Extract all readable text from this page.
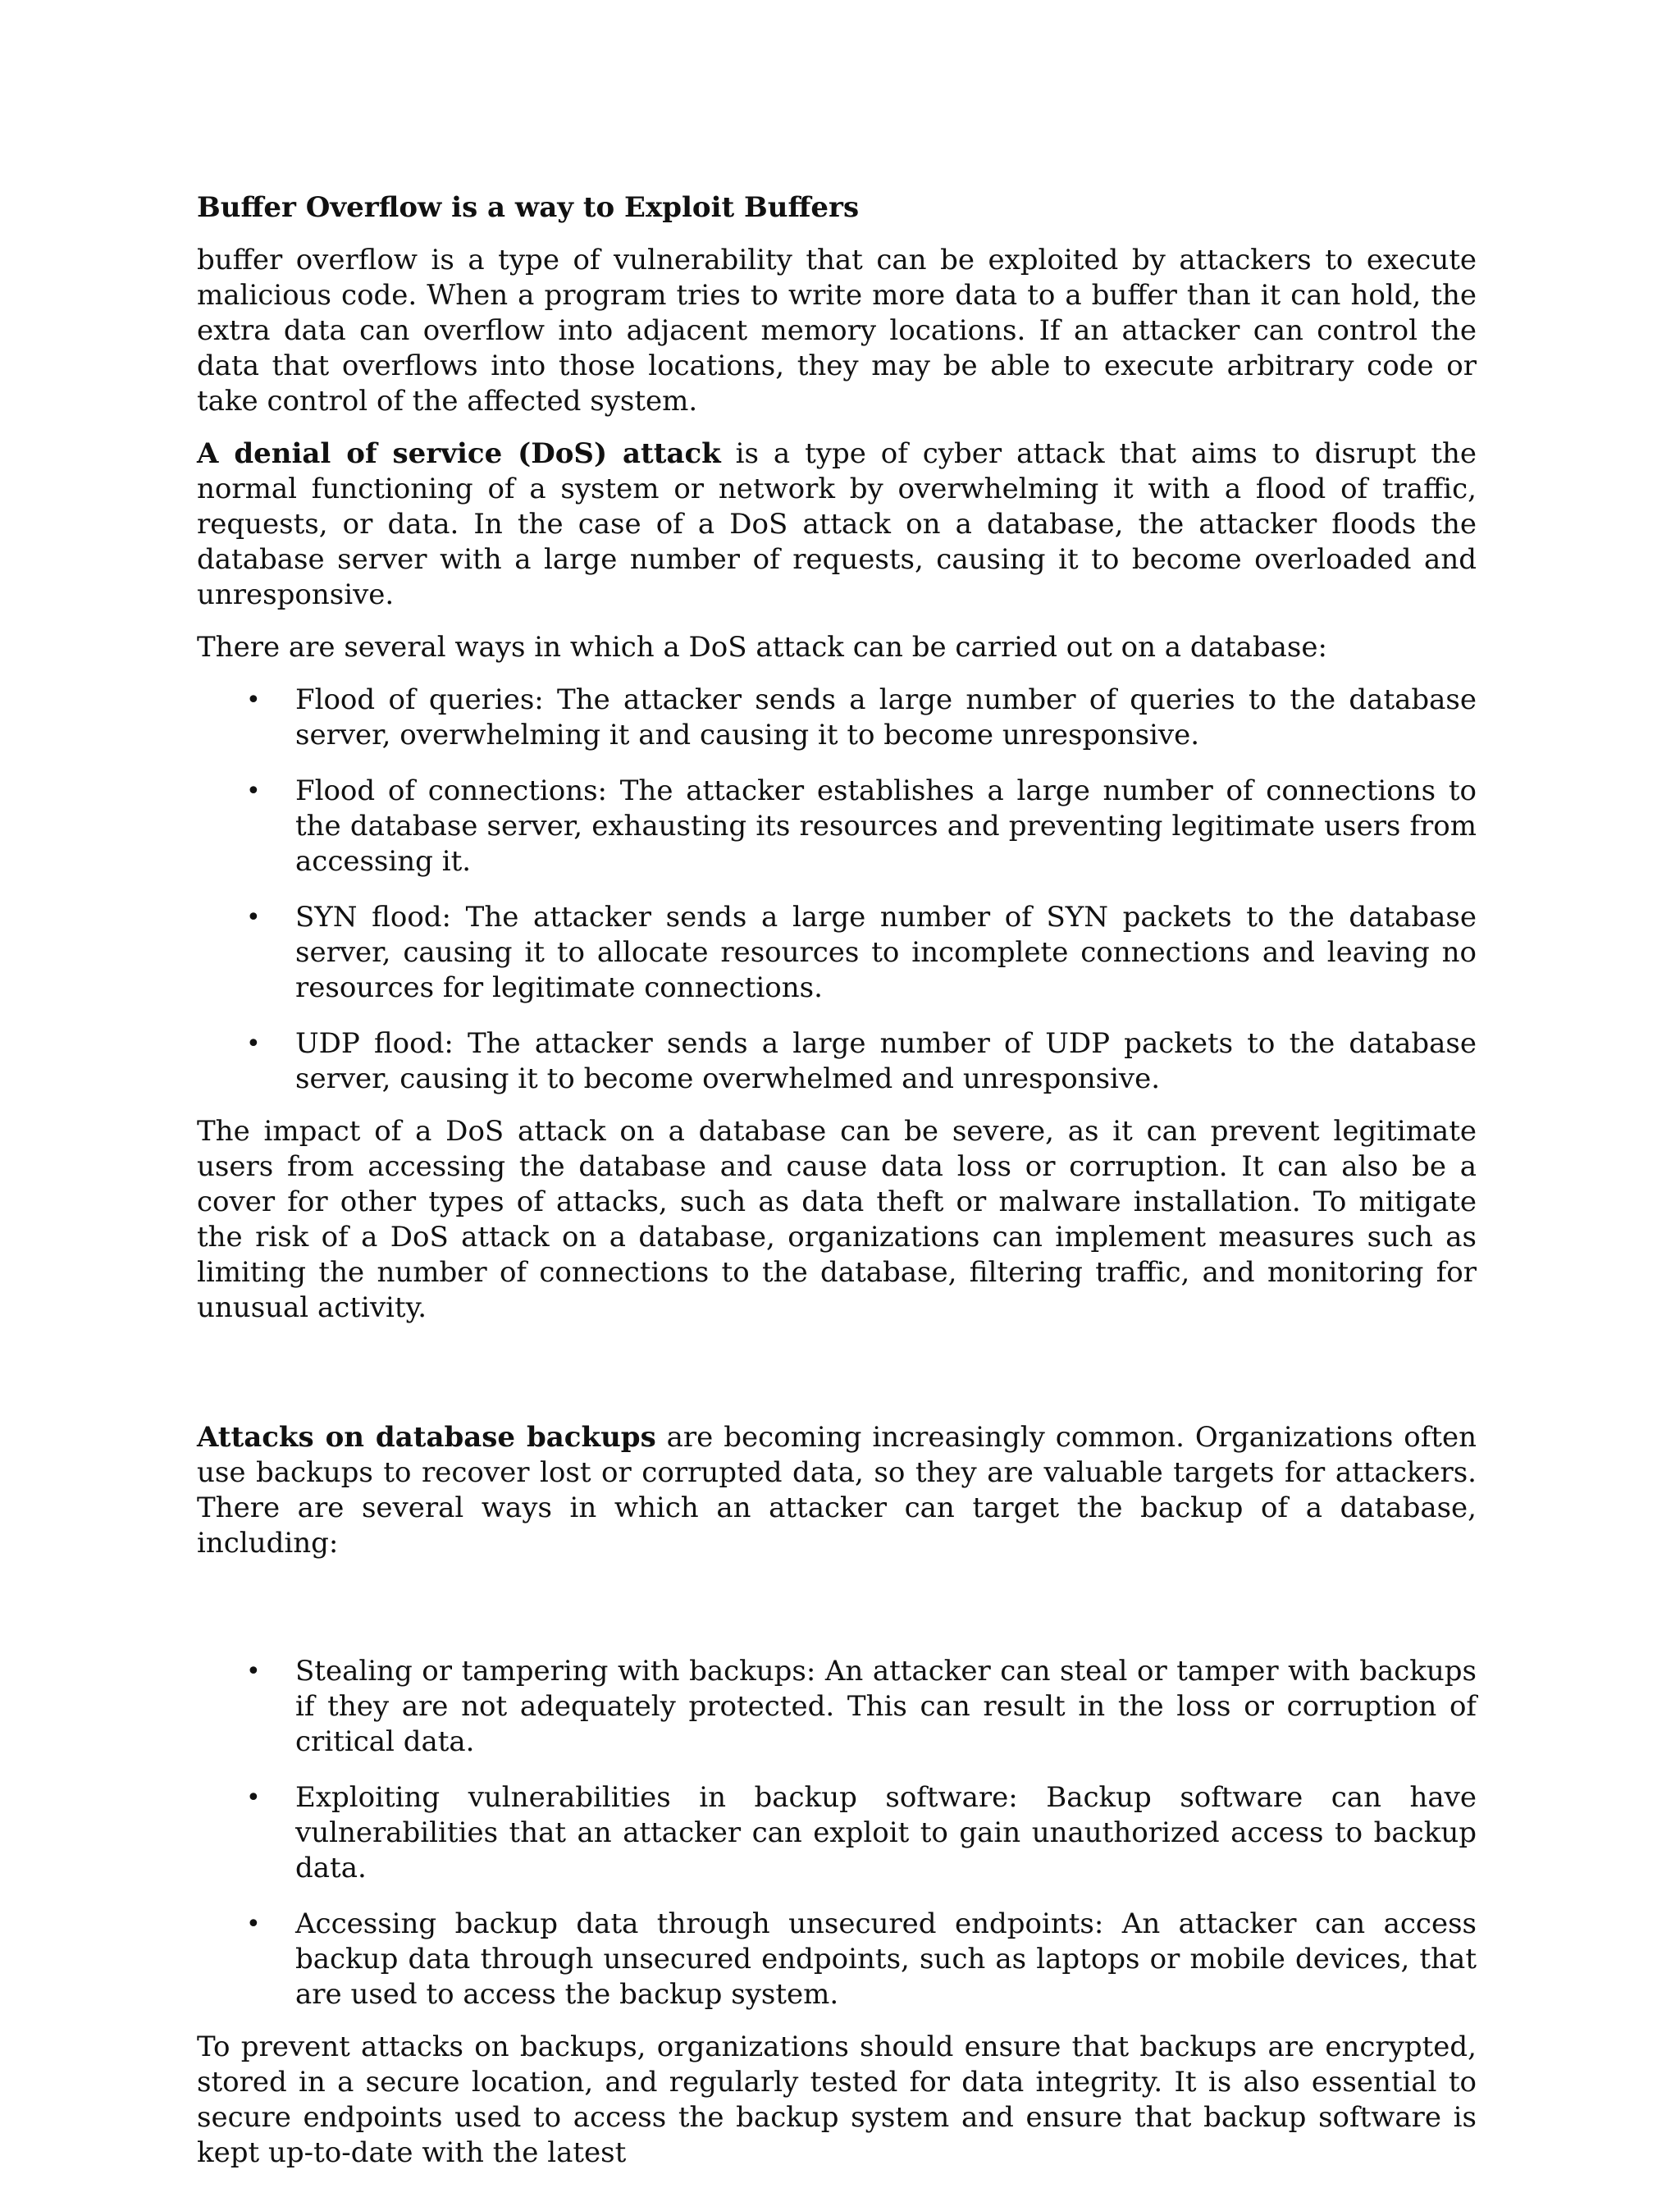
Buffer Overflow is a way to Exploit Buffers

buffer overflow is a type of vulnerability that can be exploited by attackers to execute malicious code. When a program tries to write more data to a buffer than it can hold, the extra data can overflow into adjacent memory locations. If an attacker can control the data that overflows into those locations, they may be able to execute arbitrary code or take control of the affected system.

A denial of service (DoS) attack is a type of cyber attack that aims to disrupt the normal functioning of a system or network by overwhelming it with a flood of traffic, requests, or data. In the case of a DoS attack on a database, the attacker floods the database server with a large number of requests, causing it to become overloaded and unresponsive.

There are several ways in which a DoS attack can be carried out on a database:

• Flood of queries: The attacker sends a large number of queries to the database server, overwhelming it and causing it to become unresponsive.
• Flood of connections: The attacker establishes a large number of connections to the database server, exhausting its resources and preventing legitimate users from accessing it.
• SYN flood: The attacker sends a large number of SYN packets to the database server, causing it to allocate resources to incomplete connections and leaving no resources for legitimate connections.
• UDP flood: The attacker sends a large number of UDP packets to the database server, causing it to become overwhelmed and unresponsive.

The impact of a DoS attack on a database can be severe, as it can prevent legitimate users from accessing the database and cause data loss or corruption. It can also be a cover for other types of attacks, such as data theft or malware installation. To mitigate the risk of a DoS attack on a database, organizations can implement measures such as limiting the number of connections to the database, filtering traffic, and monitoring for unusual activity.

Attacks on database backups are becoming increasingly common. Organizations often use backups to recover lost or corrupted data, so they are valuable targets for attackers. There are several ways in which an attacker can target the backup of a database, including:

• Stealing or tampering with backups: An attacker can steal or tamper with backups if they are not adequately protected. This can result in the loss or corruption of critical data.
• Exploiting vulnerabilities in backup software: Backup software can have vulnerabilities that an attacker can exploit to gain unauthorized access to backup data.
• Accessing backup data through unsecured endpoints: An attacker can access backup data through unsecured endpoints, such as laptops or mobile devices, that are used to access the backup system.

To prevent attacks on backups, organizations should ensure that backups are encrypted, stored in a secure location, and regularly tested for data integrity. It is also essential to secure endpoints used to access the backup system and ensure that backup software is kept up-to-date with the latest
